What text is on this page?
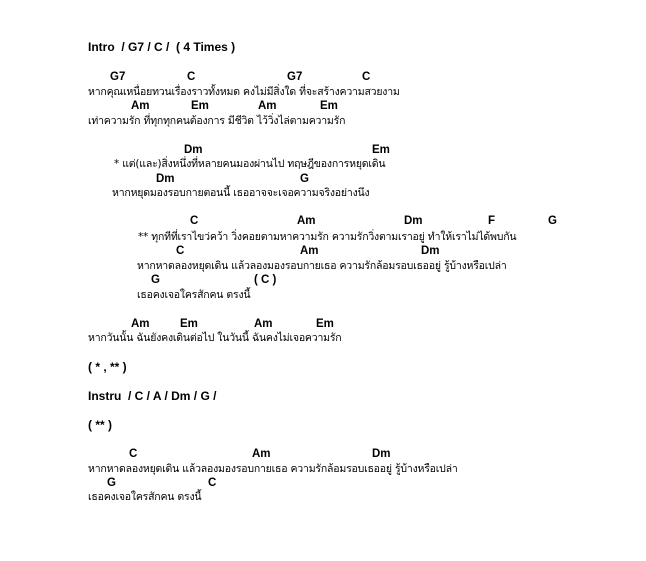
Intro  / G7 / C /  ( 4 Times )
G7	C	G7	C
หากคุณเหนื่อยทวนเรื่องราวทั้งหมด คงไม่มีสิ่งใด ที่จะสร้างความสวยงาม
Am	Em	Am	Em
เท่าความรัก ที่ทุกทุกคนต้องการ มีชีวิต ไว้วิ่งไล่ตามความรัก
Dm	Em
* แต่(และ)สิ่งหนึ่งที่หลายคนมองผ่านไป ทฤษฎีของการหยุดเดิน
Dm	G
หากหยุดมองรอบกายตอนนี้ เธออาจจะเจอความจริงอย่างนึง
C	Am	Dm	F	G
** ทุกทีที่เราไขว่คว้า วิ่งคอยตามหาความรัก ความรักวิ่งตามเราอยู่ ทำให้เราไม่ได้พบกัน
C	Am	Dm
หากหาดลองหยุดเดิน แล้วลองมองรอบกายเธอ ความรักล้อมรอบเธออยู่ รู้บ้างหรือเปล่า
G	( C )
เธอคงเจอใครสักคน ตรงนี้
Am	Em	Am	Em
หากวันนั้น ฉันยังคงเดินต่อไป ในวันนี้ ฉันคงไม่เจอความรัก
( * , ** )
Instru  / C / A / Dm / G /
( ** )
C	Am	Dm
หากหาดลองหยุดเดิน แล้วลองมองรอบกายเธอ ความรักล้อมรอบเธออยู่ รู้บ้างหรือเปล่า
G	C
เธอคงเจอใครสักคน ตรงนี้
